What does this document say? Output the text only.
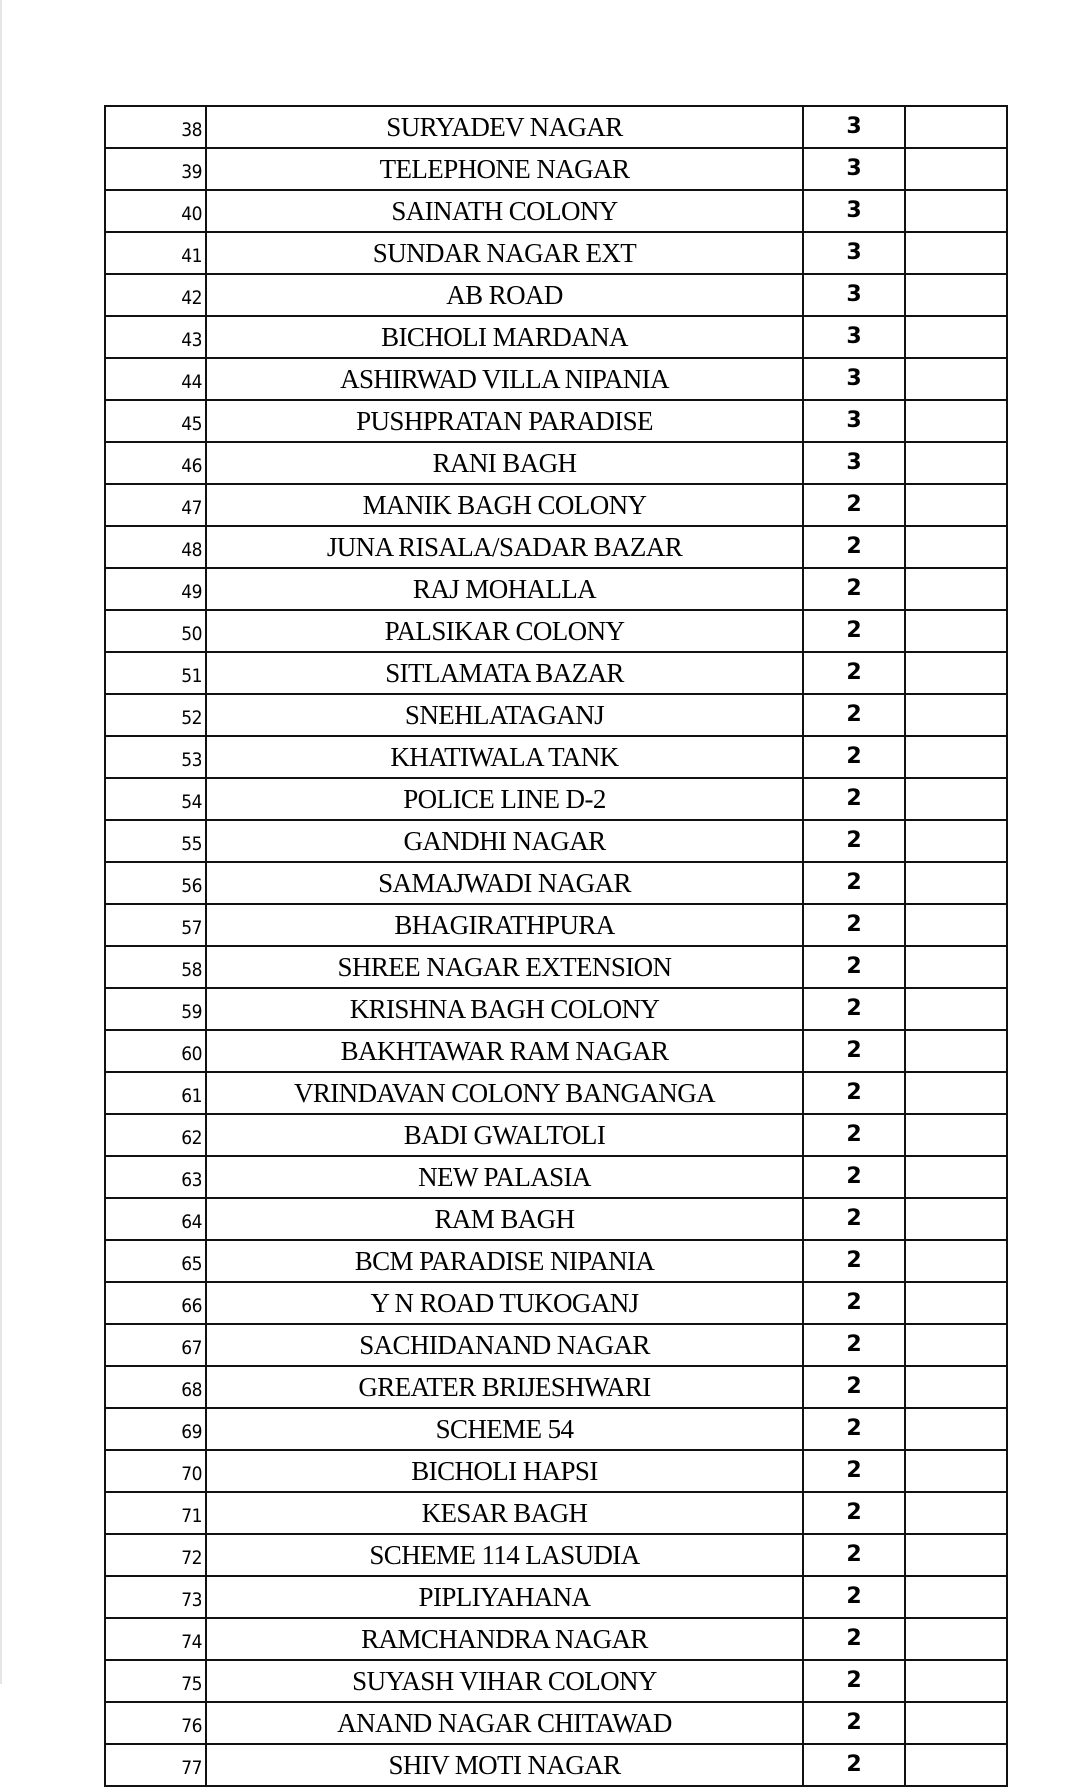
38	SURYADEV NAGAR	3	
39	TELEPHONE NAGAR	3	
40	SAINATH COLONY	3	
41	SUNDAR NAGAR EXT	3	
42	AB ROAD	3	
43	BICHOLI MARDANA	3	
44	ASHIRWAD VILLA NIPANIA	3	
45	PUSHPRATAN PARADISE	3	
46	RANI BAGH	3	
47	MANIK BAGH COLONY	2	
48	JUNA RISALA/SADAR BAZAR	2	
49	RAJ MOHALLA	2	
50	PALSIKAR COLONY	2	
51	SITLAMATA BAZAR	2	
52	SNEHLATAGANJ	2	
53	KHATIWALA TANK	2	
54	POLICE LINE D-2	2	
55	GANDHI NAGAR	2	
56	SAMAJWADI NAGAR	2	
57	BHAGIRATHPURA	2	
58	SHREE NAGAR EXTENSION	2	
59	KRISHNA BAGH COLONY	2	
60	BAKHTAWAR RAM NAGAR	2	
61	VRINDAVAN COLONY BANGANGA	2	
62	BADI GWALTOLI	2	
63	NEW PALASIA	2	
64	RAM BAGH	2	
65	BCM PARADISE NIPANIA	2	
66	Y N ROAD TUKOGANJ	2	
67	SACHIDANAND NAGAR	2	
68	GREATER BRIJESHWARI	2	
69	SCHEME 54	2	
70	BICHOLI HAPSI	2	
71	KESAR BAGH	2	
72	SCHEME 114 LASUDIA	2	
73	PIPLIYAHANA	2	
74	RAMCHANDRA NAGAR	2	
75	SUYASH VIHAR COLONY	2	
76	ANAND NAGAR CHITAWAD	2	
77	SHIV MOTI NAGAR	2	
